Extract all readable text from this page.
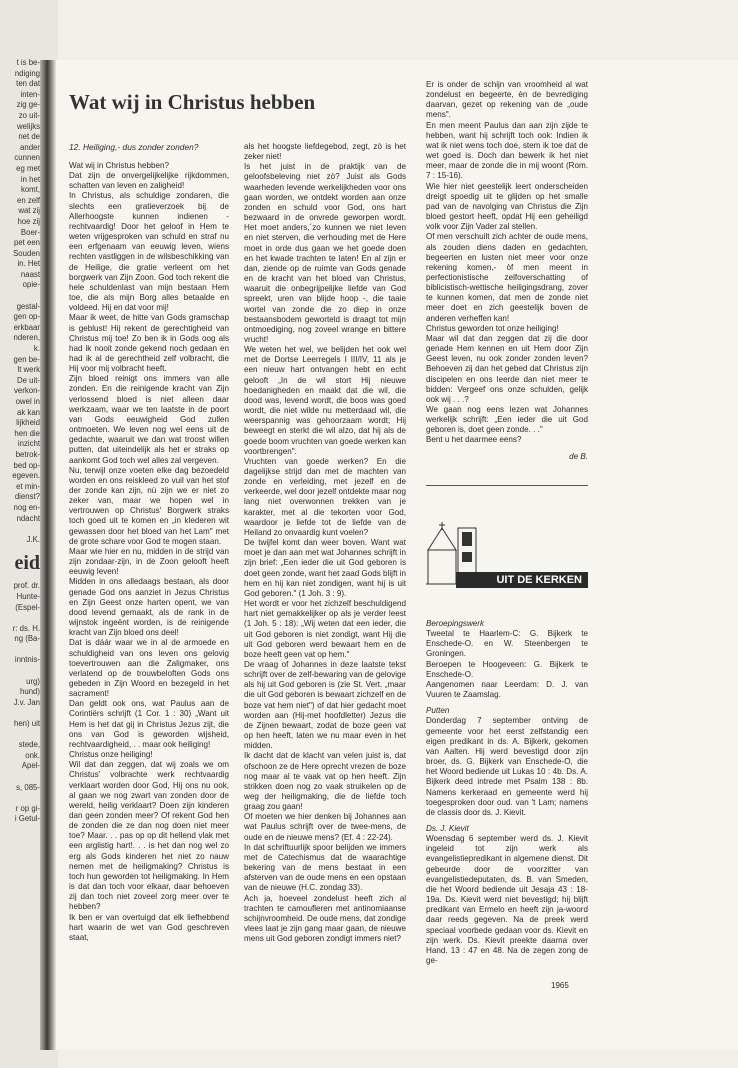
t is be-
ndiging
ten dat
inten-
zig ge-
zo uit-
welijks
net de
ander
cunnen
eg met
in het
komt,
en zelf
wat zij
hoe zij
Boer-
pet een
Souden
in. Het
naast
opie-

gestal-
gen op-
erkbaar
nderen,
k.
gen be-
lt werk
De uit-
verkon-
owel in
ak kan
lijkheid
hen die
inzicht
betrok-
bed op-
egeven.
et min-
dienst?
nog en-
ndacht

J.K.
eid
prof. dr.
Hunte-
(Espel-

r: ds. H.
ng (Ba-

inntnis-

urg)
hund)
J.v. Jan

hen) uit

stede,
onk.
Apel-

s, 085-

r op gi-
i Getul-
Wat wij in Christus hebben
12. Heiliging,- dus zonder zonden?
Wat wij in Christus hebben?
Dat zijn de onvergelijkelijke rijkdommen, schatten van leven en zaligheid!
In Christus, als schuldige zondaren, die slechts een gratieverzoek bij de Allerhoogste kunnen indienen - rechtvaardig! Door het geloof in Hem te weten vrijgesproken van schuld en straf nu een erfgenaam van eeuwig leven, wiens rechten vastliggen in de wilsbeschikking van de Heilige, die gratie verleent om het borgwerk van Zijn Zoon. God toch rekent die hele schuldenlast van mijn bestaan Hem toe, die als mijn Borg alles betaalde en voldeed. Hij en dat voor mij!
Maar ik weet, de hitte van Gods gramschap is geblust! Hij rekent de gerechtigheid van Christus mij toe! Zo ben ik in Gods oog als had ik nooit zonde gekend noch gedaan en had ik al de gerechtheid zelf volbracht, die Hij voor mij volbracht heeft.
Zijn bloed reinigt ons immers van alle zonden. En die reinigende kracht van Zijn verlossend bloed is niet alleen daar werkzaam, waar we ten laatste in de poort van Gods eeuwigheid God zullen ontmoeten. We leven nog wel eens uit de gedachte, waaruit we dan wat troost willen putten, dat uiteindelijk als het er straks op aankomt God toch wel alles zal vergeven.
Nu, terwijl onze voeten elke dag bezoedeld worden en ons reiskleed zo vuil van het stof der zonde kan zijn, nù zijn we er niet zo zeker van, maar we hopen wel in vertrouwen op Christus' Borgwerk straks toch goed uit te komen en „in klederen wit gewassen door het bloed van het Lam" met de grote schare voor God te mogen staan.
Maar wie hier en nu, midden in de strijd van zijn zondaar-zijn, in de Zoon gelooft heeft eeuwig leven!
Midden in ons alledaags bestaan, als door genade God ons aanziet in Jezus Christus en Zijn Geest onze harten opent, we van dood levend gemaakt, als de rank in de wijnstok ingeënt worden, is de reinigende kracht van Zijn bloed ons deel!
Dat is dáár waar we in al de armoede en schuldigheid van ons leven ons gelovig toevertrouwen aan die Zaligmaker, ons verlatend op de trouwbeloften Gods ons gebeden in Zijn Woord en bezegeld in het sacrament!
Dan geldt ook ons, wat Paulus aan de Corintiërs schrijft (1 Cor. 1 : 30) „Want uit Hem is het dat gij in Christus Jezus zijt, die ons van God is geworden wijsheid, rechtvaardigheid, . . maar ook heiliging!
Christus onze heiliging!
Wil dat dan zeggen, dat wij zoals we om Christus' volbrachte werk rechtvaardig verklaart worden door God, Hij ons nu ook, al gaan we nog zwart van zonden door de wereld, heilig verklaart? Doen zijn kinderen dan geen zonden meer? Of rekent God hen de zonden die ze dan nog doen niet meer toe? Maar. . . pas op op dit hellend vlak met een arglistig hart!. . . is het dan nog wel zo erg als Gods kinderen het niet zo nauw nemen met de heiligmaking? Christus is toch hun geworden tot heiligmaking. In Hem is dat dan toch voor elkaar, daar behoeven zij dan toch niet zoveel zorg meer over te hebben?
Ik ben er van overtuigd dat elk liefhebbend hart waarin de wet van God geschreven staat,
als het hoogste liefdegebod, zegt, zò is het zeker niet!
Is het juist in de praktijk van de geloofsbeleving niet zò? Juist als Gods waarheden levende werkelijkheden voor ons gaan worden, we ontdekt worden aan onze zonden en schuld voor God, ons hart bezwaard in de onvrede geworpen wordt. Het moet anders,´zo kunnen we niet leven en niet sterven, die verhouding met de Here moet in orde dus gaan we het goede doen en het kwade trachten te laten! En al zijn er dan, ziende op de ruimte van Gods genade en de kracht van het bloed van Christus, waaruit die onbegrijpelijke liefde van God spreekt, uren van blijde hoop -, die taaie wortel van zonde die zo diep in onze bestaansbodem geworteld is draagt tot mijn ontmoediging, nog zoveel wrange en bittere vrucht!
We weten het wel, we belijden het ook wel met de Dortse Leerregels I III/IV, 11 als je een nieuw hart ontvangen hebt en echt gelooft „In de wil stort Hij nieuwe hoedanigheden en maakt dat die wil, die dood was, levend wordt, die boos was goed wordt, die niet wilde nu metterdaad wil, die weerspannig was gehoorzaam wordt; Hij beweegt en sterkt die wil alzo, dat hij als de goede boom vruchten van goede werken kan voortbrengen".
Vruchten van goede werken? En die dagelijkse strijd dan met de machten van zonde en verleiding, met jezelf en de verkeerde, wel door jezelf ontdekte maar nog lang niet overwonnen trekken van je karakter, met al die tekorten voor God, waardoor je liefde tot de liefde van de Heiland zo onvaardig kunt voelen?
De twijfel komt dan weer boven. Want wat moet je dan aan met wat Johannes schrijft in zijn brief: „Een ieder die uit God geboren is doet geen zonde, want het zaad Gods blijft in hem en hij kan niet zondigen, want hij is uit God geboren." (1 Joh. 3 : 9).
Het wordt er voor het zichzelf beschuldigend hart niet gemakkelijker op als je verder leest (1 Joh. 5 : 18): „Wij weten dat een ieder, die uit God geboren is niet zondigt, want Hij die uit God geboren werd bewaart hem en de boze heeft geen vat op hem."
De vraag of Johannes in deze laatste tekst schrijft over de zelf-bewaring van de gelovige als hij uit God geboren is (zie St. Vert. „maar die uit God geboren is bewaart zichzelf en de boze vat hem niet") of dat hier gedacht moet worden aan (Hij-met hoofdletter) Jezus die de Zijnen bewaart, zodat de boze geen vat op hen heeft, laten we nu maar even in het midden.
Ik dacht dat de klacht van velen juist is, dat ofschoon ze de Here oprecht vrezen de boze nog maar al te vaak vat op hen heeft. Zijn strikken doen nog zo vaak struikelen op de weg der heiligmaking, die de liefde toch graag zou gaan!
Of moeten we hier denken bij Johannes aan wat Paulus schrijft over de twee-mens, de oude en de nieuwe mens? (Ef. 4 : 22-24).
In dat schriftuurlijk spoor belijden we immers met de Catechismus dat de waarachtige bekering van de mens bestaat in een afsterven van de oude mens en een opstaan van de nieuwe (H.C. zondag 33).
Ach ja, hoeveel zondelust heeft zich al trachten te camoufleren met antinomiaanse schijnvroomheid. De oude mens, dat zondige vlees laat je zijn gang maar gaan, de nieuwe mens uit God geboren zondigt immers niet?
Er is onder de schijn van vroomheid al wat zondelust en begeerte, èn de bevrediging daarvan, gezet op rekening van de „oude mens".
En men meent Paulus dan aan zijn zijde te hebben, want hij schrijft toch ook: Indien ik wat ik niet wens toch doe, stem ik toe dat de wet goed is. Doch dan bewerk ik het niet meer, maar de zonde die in mij woont (Rom. 7 : 15-16).
Wie hier niet geestelijk leert onderscheiden dreigt spoedig uit te glijden op het smalle pad van de navolging van Christus die Zijn bloed gestort heeft, opdat Hij een geheiligd volk voor Zijn Vader zal stellen.
Of men verschuilt zich achter de oude mens, als zouden diens daden en gedachten, begeerten en lusten niet meer voor onze rekening komen,- òf men meent in perfectionistische zelfoverschatting of biblicistisch-wettische heiligingsdrang, zover te kunnen komen, dat men de zonde niet meer doet en zich geestelijk boven de anderen verheffen kan!
Christus geworden tot onze heiliging!
Maar wil dat dan zeggen dat zij die door genade Hem kennen en uit Hem door Zijn Geest leven, nu ook zonder zonden leven? Behoeven zij dan het gebed dat Christus zijn discipelen en ons leerde dan niet meer te bidden: Vergeef ons onze schulden, gelijk ook wij . . .?
We gaan nog eens lezen wat Johannes werkelijk schrijft: „Een ieder die uit God geboren is, doet geen zonde. . ."
Bent u het daarmee eens?
de B.
UIT DE KERKEN
Beroepingswerk
Tweetal te Haarlem-C: G. Bijkerk te Enschede-O. en W. Steenbergen te Groningen.
Beroepen te Hoogeveen: G. Bijkerk te Enschede-O.
Aangenomen naar Leerdam: D. J. van Vuuren te Zaamslag.
Putten
Donderdag 7 september ontving de gemeente voor het eerst zelfstandig een eigen predikant in ds. A. Bijkerk, gekomen van Aalten. Hij werd bevestigd door zijn broer, ds. G. Bijkerk van Enschede-O, die het Woord bediende uit Lukas 10 : 4b. Ds. A. Bijkerk deed intrede met Psalm 138 : 8b. Namens kerkeraad en gemeente werd hij toegesproken door oud. van 't Lam; namens de classis door ds. J. Kievit.
Ds. J. Kievit
Woensdag 6 september werd ds. J. Kievit ingeleid tot zijn werk als evangelistiepredikant in algemene dienst. Dit gebeurde door de voorzitter van evangelistiedeputaten, ds. B. van Smeden, die het Woord bediende uit Jesaja 43 : 18-19a. Ds. Kievit werd niet bevestigd; hij blijft predikant van Ermelo en heeft zijn ja-woord daar reeds gegeven. Na de preek werd speciaal voorbede gedaan voor ds. Kievit en zijn werk. Ds. Kievit preekte daarna over Hand. 13 : 47 en 48. Na de zegen zong de ge-
1965
